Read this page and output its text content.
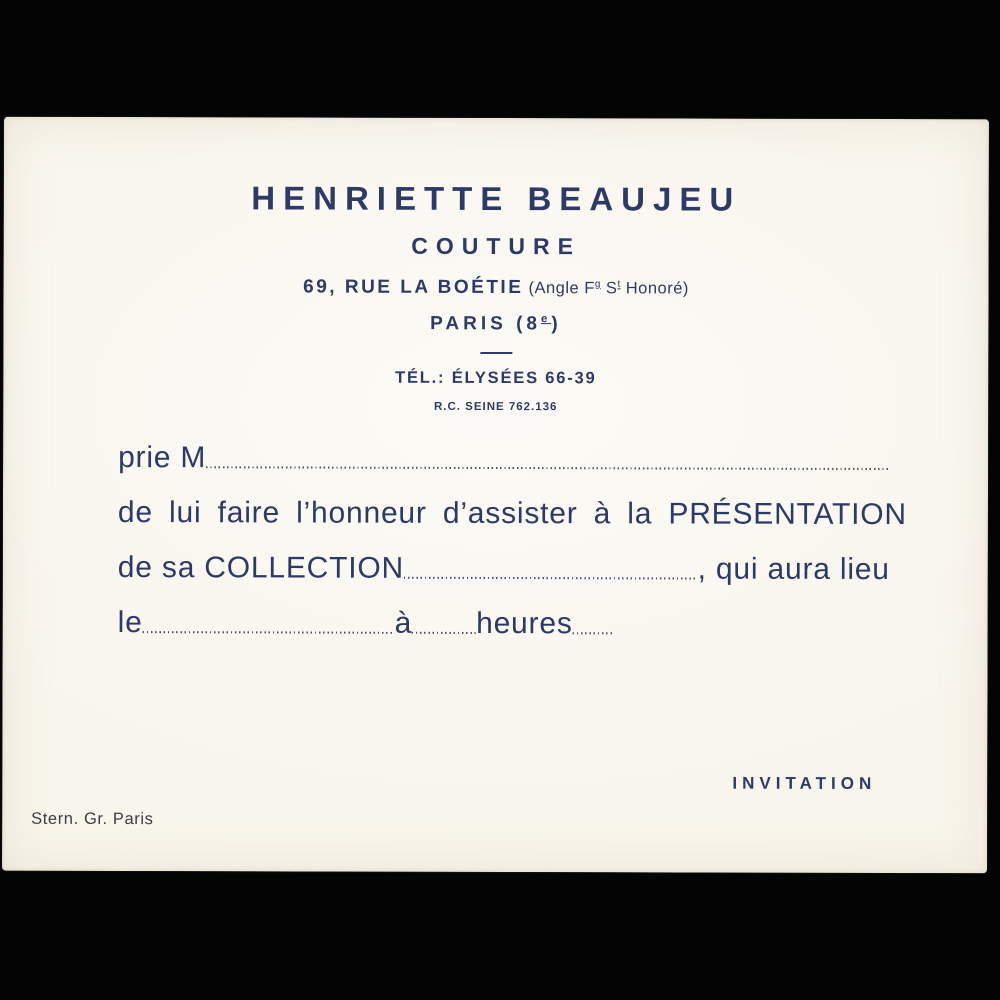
HENRIETTE BEAUJEU
COUTURE
69, RUE LA BOÉTIE (Angle $F^g$ $S^t$ Honoré)
PARIS (8e)
TÉL.: ÉLYSÉES 66-39
R.C. SEINE 762.136
prie M
de lui faire l’honneur d’assister à la PRÉSENTATION
de sa COLLECTION	, qui aura lieu
le	à heures
INVITATION
Stern. Gr. Paris
